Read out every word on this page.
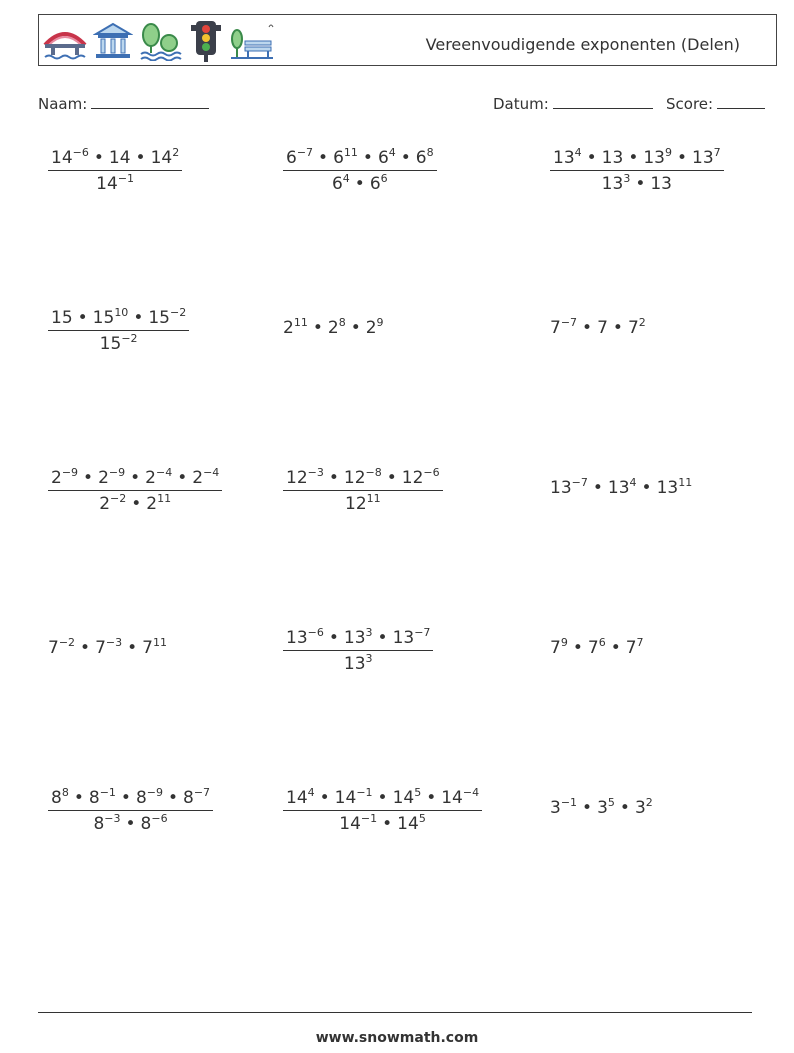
Vereenvoudigende exponenten (Delen)
Naam:	Datum:	Score:
$\frac{14^{-6} • 14 • 14^2}{14^{-1}}$	$\frac{6^{-7} • 6^{11} • 6^4 • 6^8}{6^4 • 6^6}$	$\frac{13^4 • 13 • 13^9 • 13^7}{13^3 • 13}$
$\frac{15 • 15^{10} • 15^{-2}}{15^{-2}}$	$2^{11}$ • $2^8$ • $2^9$	$7^{-7}$ • 7 • $7^2$
$\frac{2^{-9} • 2^{-9} • 2^{-4} • 2^{-4}}{2^{-2} • 2^{11}}$	$\frac{12^{-3} • 12^{-8} • 12^{-6}}{12^{11}}$	$13^{-7}$ • $13^4$ • $13^{11}$
$7^{-2}$ • $7^{-3}$ • $7^{11}$	$\frac{13^{-6} • 13^3 • 13^{-7}}{13^3}$	$7^9$ • $7^6$ • $7^7$
$\frac{8^8 • 8^{-1} • 8^{-9} • 8^{-7}}{8^{-3} • 8^{-6}}$	$\frac{14^4 • 14^{-1} • 14^5 • 14^{-4}}{14^{-1} • 14^5}$	$3^{-1}$ • $3^5$ • $3^2$
www.snowmath.com
